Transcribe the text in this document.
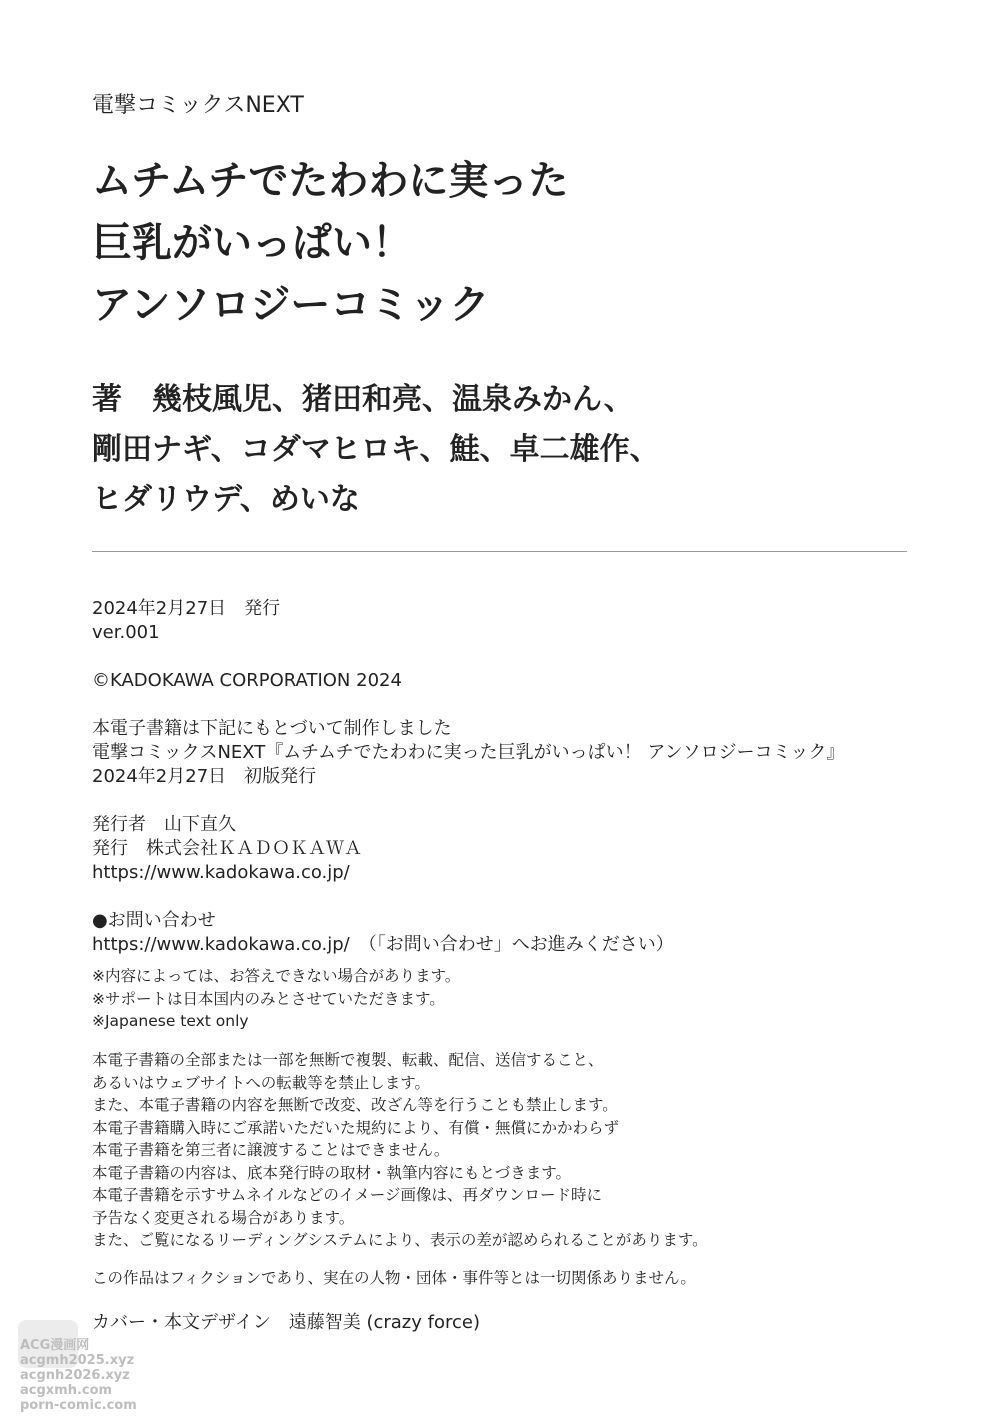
電撃コミックスNEXT
ムチムチでたわわに実った
巨乳がいっぱい！
アンソロジーコミック
著　幾枝風児、猪田和亮、温泉みかん、
剛田ナギ、コダマヒロキ、鮭、卓二雄作、
ヒダリウデ、めいな
2024年2月27日　発行
ver.001
©KADOKAWA CORPORATION 2024
本電子書籍は下記にもとづいて制作しました
電撃コミックスNEXT『ムチムチでたわわに実った巨乳がいっぱい！ アンソロジーコミック』
2024年2月27日　初版発行
発行者　山下直久
発行　株式会社ＫＡＤＯＫＡＷＡ
https://www.kadokawa.co.jp/
●お問い合わせ
https://www.kadokawa.co.jp/　（「お問い合わせ」へお進みください）
※内容によっては、お答えできない場合があります。
※サポートは日本国内のみとさせていただきます。
※Japanese text only
本電子書籍の全部または一部を無断で複製、転載、配信、送信すること、
あるいはウェブサイトへの転載等を禁止します。
また、本電子書籍の内容を無断で改変、改ざん等を行うことも禁止します。
本電子書籍購入時にご承諾いただいた規約により、有償・無償にかかわらず
本電子書籍を第三者に譲渡することはできません。
本電子書籍の内容は、底本発行時の取材・執筆内容にもとづきます。
本電子書籍を示すサムネイルなどのイメージ画像は、再ダウンロード時に
予告なく変更される場合があります。
また、ご覧になるリーディングシステムにより、表示の差が認められることがあります。
この作品はフィクションであり、実在の人物・団体・事件等とは一切関係ありません。
カバー・本文デザイン　遠藤智美 (crazy force)
ACG漫画网
acgmh2025.xyz
acgnh2026.xyz
acgxmh.com
porn-comic.com
